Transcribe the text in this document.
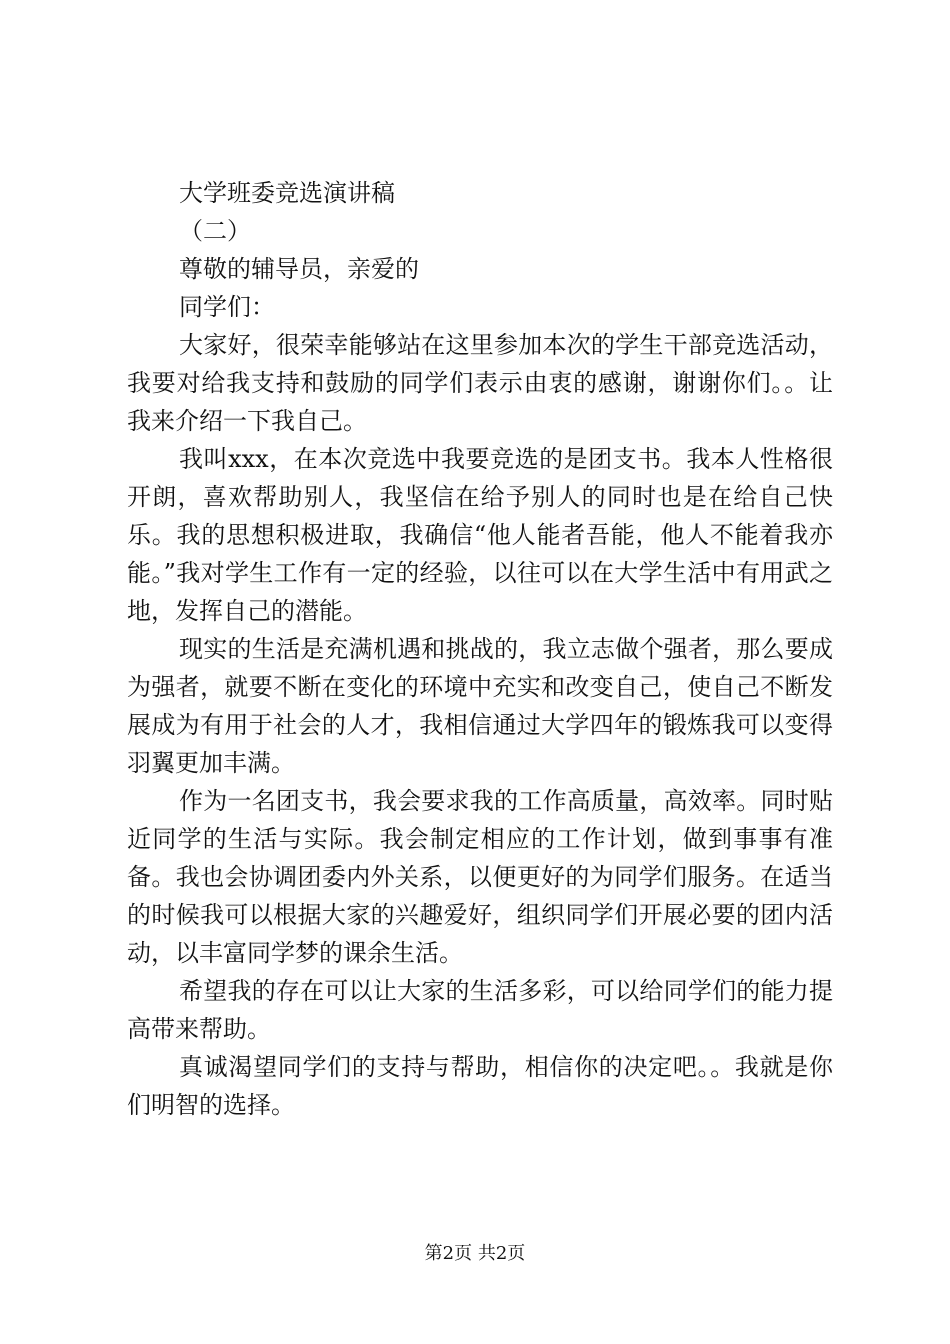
大学班委竞选演讲稿

（二）

尊敬的辅导员，亲爱的

同学们：

大家好，很荣幸能够站在这里参加本次的学生干部竞选活动，我要对给我支持和鼓励的同学们表示由衷的感谢，谢谢你们。。让我来介绍一下我自己。

我叫xxx，在本次竞选中我要竞选的是团支书。我本人性格很开朗，喜欢帮助别人，我坚信在给予别人的同时也是在给自己快乐。我的思想积极进取，我确信“他人能者吾能，他人不能着我亦能。”我对学生工作有一定的经验，以往可以在大学生活中有用武之地，发挥自己的潜能。

现实的生活是充满机遇和挑战的，我立志做个强者，那么要成为强者，就要不断在变化的环境中充实和改变自己，使自己不断发展成为有用于社会的人才，我相信通过大学四年的锻炼我可以变得羽翼更加丰满。

作为一名团支书，我会要求我的工作高质量，高效率。同时贴近同学的生活与实际。我会制定相应的工作计划，做到事事有准备。我也会协调团委内外关系，以便更好的为同学们服务。在适当的时候我可以根据大家的兴趣爱好，组织同学们开展必要的团内活动，以丰富同学梦的课余生活。

希望我的存在可以让大家的生活多彩，可以给同学们的能力提高带来帮助。

真诚渴望同学们的支持与帮助，相信你的决定吧。。我就是你们明智的选择。

第2页 共2页
